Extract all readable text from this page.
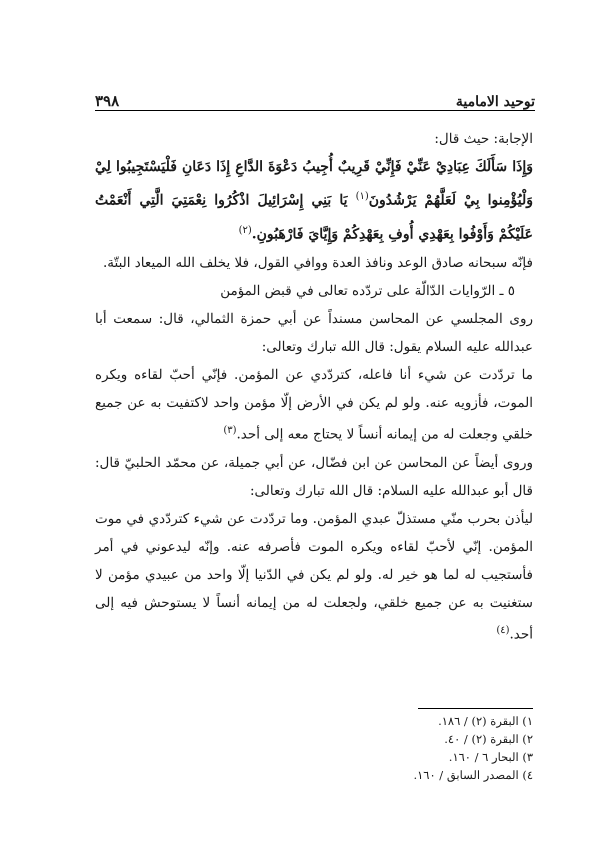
٣٩٨	توحيد الامامية

الإجابة: حيث قال:

وَإِذَا سَأَلَكَ عِبَادِيْ عَنِّيْ فَإِنِّيْ قَرِيبٌ أُجِيبُ دَعْوَةَ الدَّاعِ إِذَا دَعَانِ فَلْيَسْتَجِيبُوا لِيْ وَلْيُؤْمِنوا بِيْ لَعَلَّهُمْ يَرْشُدُونَ$^{(١)}$ يَا بَنِي إِسْرَائِيلَ اذْكُرُوا نِعْمَتِيَ الَّتِي أَنْعَمْتُ عَلَيْكُمْ وَأَوْفُوا بِعَهْدِي أُوفِ بِعَهْدِكُمْ وَإِيَّايَ فَارْهَبُونِ.$^{(٢)}$

فإنّه سبحانه صادق الوعد ونافذ العدة ووافي القول، فلا يخلف الله الميعاد البتّة.

٥ ـ الرّوايات الدّالّة على تردّده تعالى في قبض المؤمن

روى المجلسي عن المحاسن مسنداً عن أبي حمزة الثمالي، قال: سمعت أبا عبدالله عليه السلام يقول: قال الله تبارك وتعالى:

ما تردّدت عن شيء أنا فاعله، كتردّدي عن المؤمن. فإنّي أحبّ لقاءه ويكره الموت، فأزويه عنه. ولو لم يكن في الأرض إلّا مؤمن واحد لاكتفيت به عن جميع خلقي وجعلت له من إيمانه أنساً لا يحتاج معه إلى أحد.$^{(٣)}$

وروى أيضاً عن المحاسن عن ابن فضّال، عن أبي جميلة، عن محمّد الحلبيّ قال: قال أبو عبدالله عليه السلام: قال الله تبارك وتعالى:

ليأذن بحرب منّي مستذلّ عبدي المؤمن. وما تردّدت عن شيء كتردّدي في موت المؤمن. إنّي لأحبّ لقاءه ويكره الموت فأصرفه عنه. وإنّه ليدعوني في أمر فأستجيب له لما هو خير له. ولو لم يكن في الدّنيا إلّا واحد من عبيدي مؤمن لا ستغنيت به عن جميع خلقي، ولجعلت له من إيمانه أنساً لا يستوحش فيه إلى أحد.$^{(٤)}$

١) البقرة (٢) / ١٨٦.

٢) البقرة (٢) / ٤٠.

٣) البحار ٦ / ١٦٠.

٤) المصدر السابق / ١٦٠.
